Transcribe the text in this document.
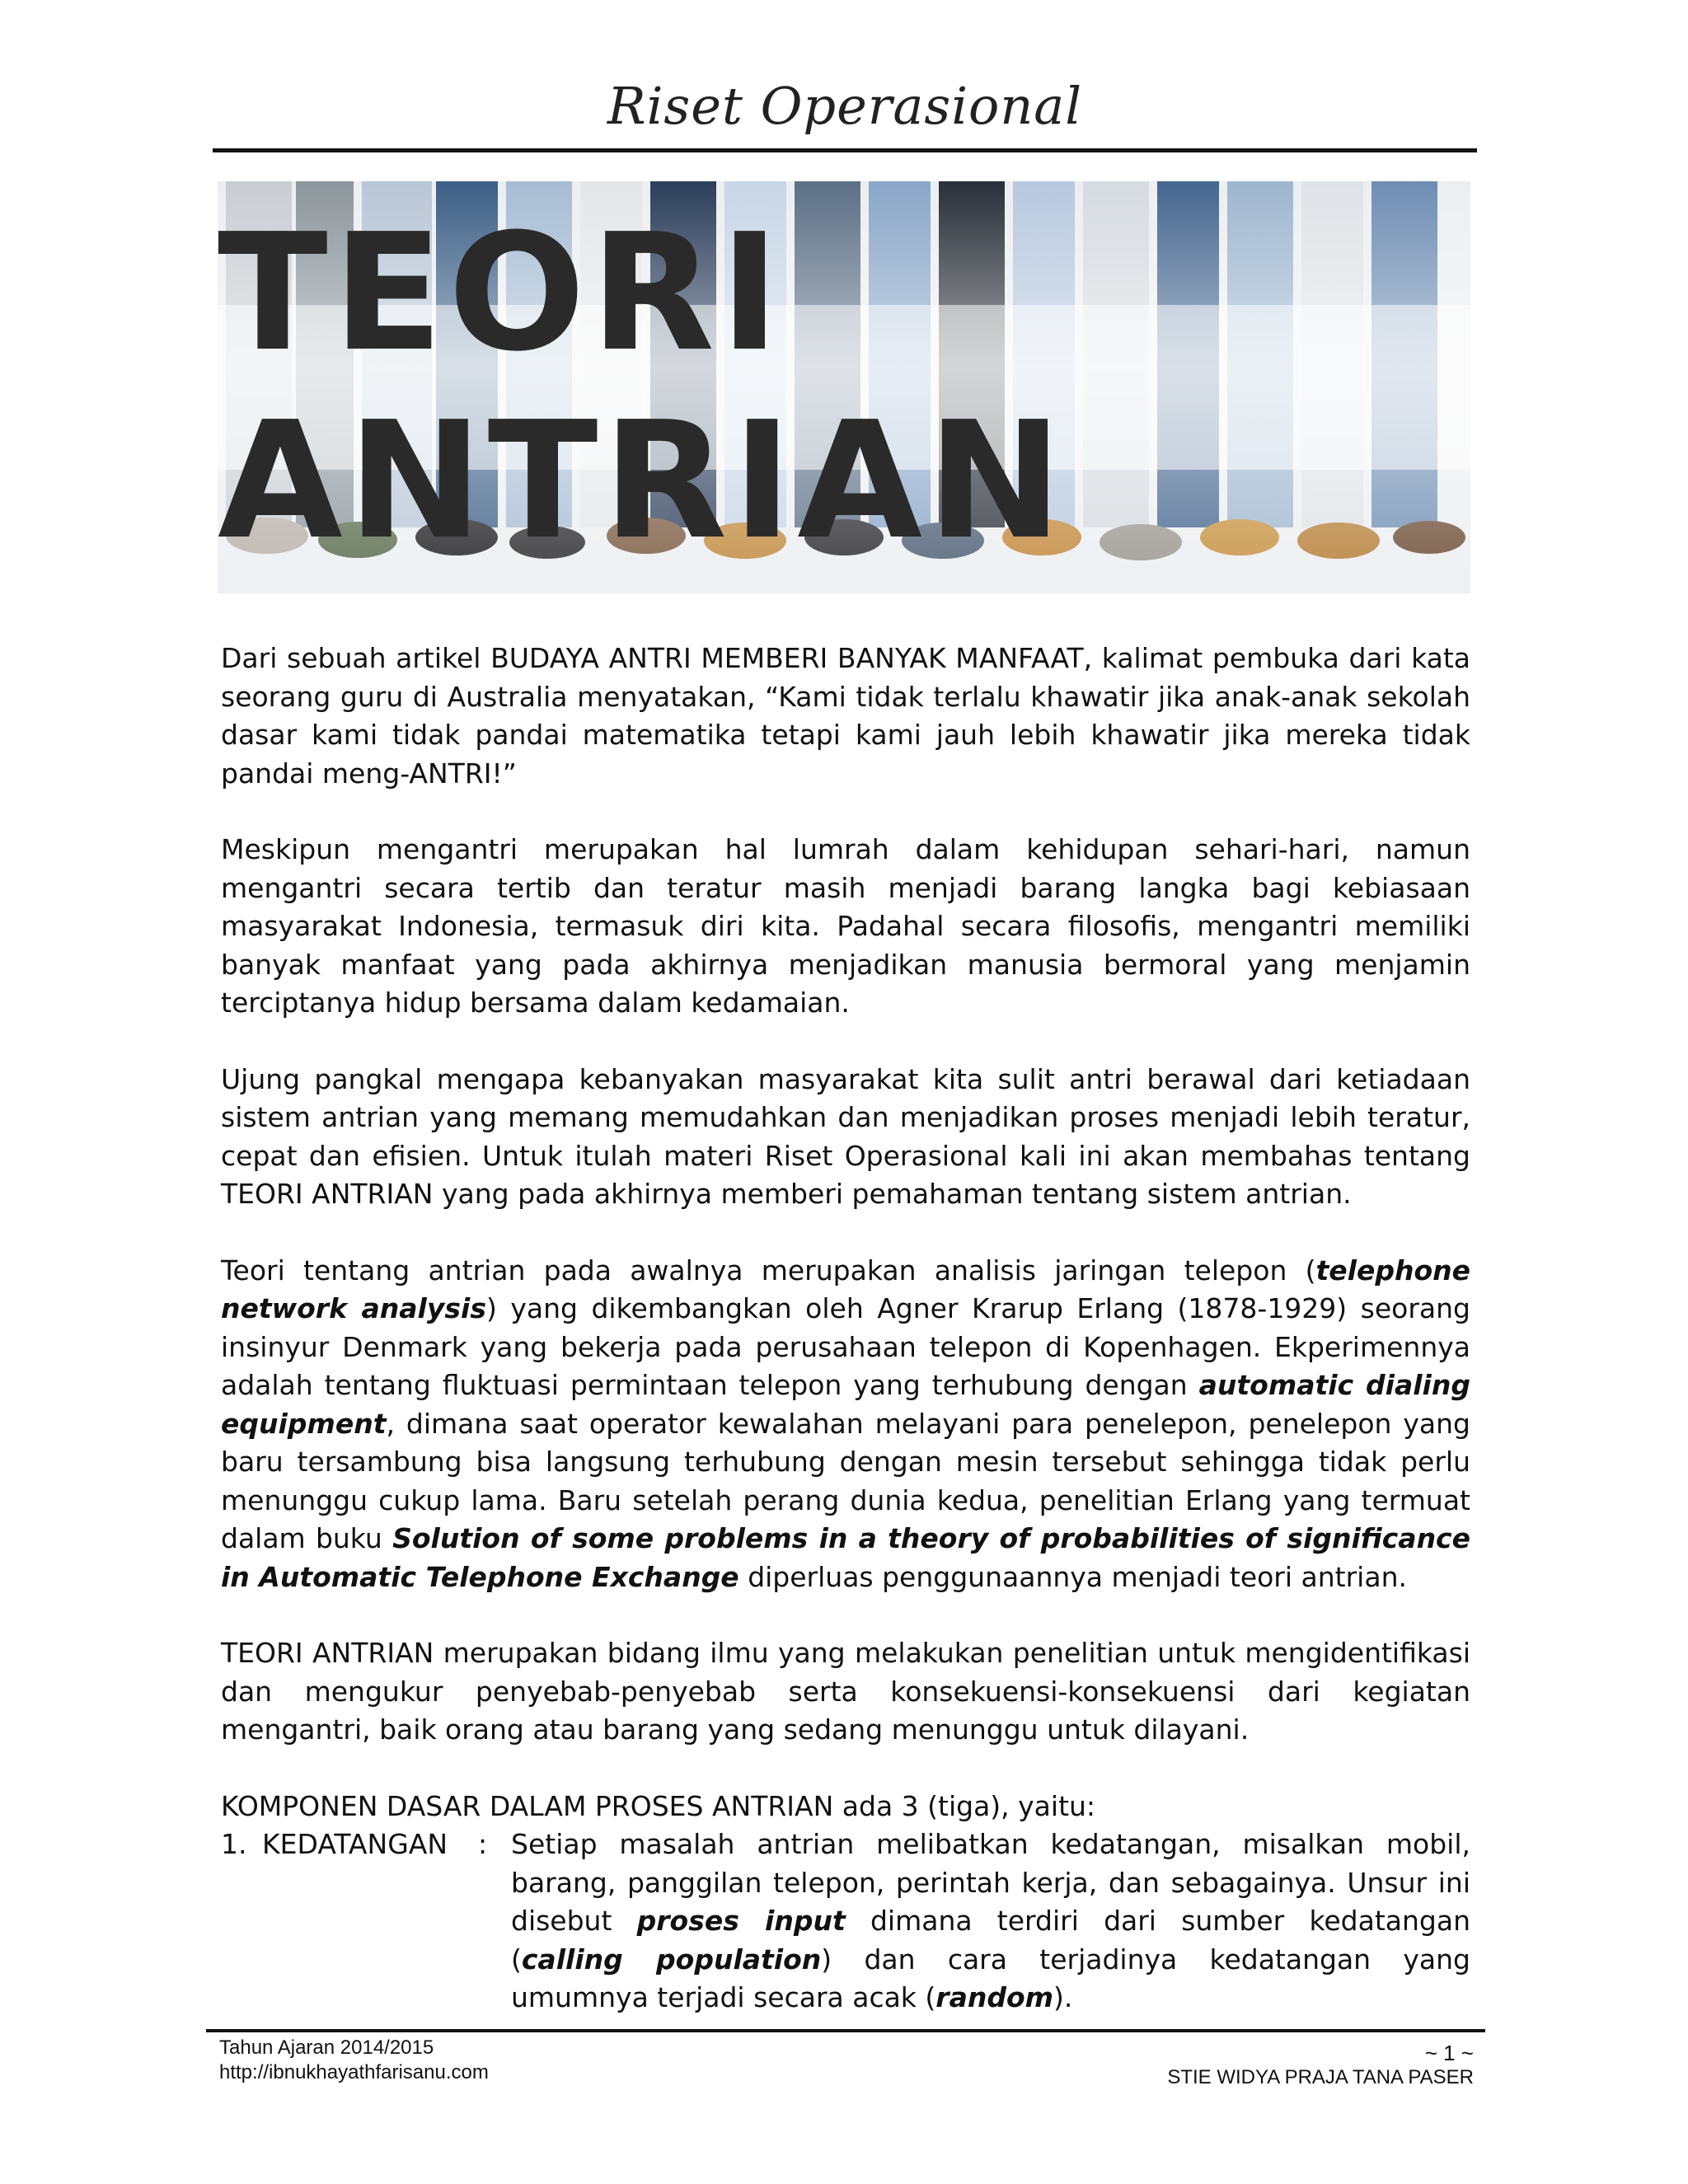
Riset Operasional

Dari sebuah artikel BUDAYA ANTRI MEMBERI BANYAK MANFAAT, kalimat pembuka dari kata seorang guru di Australia menyatakan, “Kami tidak terlalu khawatir jika anak-anak sekolah dasar kami tidak pandai matematika tetapi kami jauh lebih khawatir jika mereka tidak pandai meng-ANTRI!”

Meskipun mengantri merupakan hal lumrah dalam kehidupan sehari-hari, namun mengantri secara tertib dan teratur masih menjadi barang langka bagi kebiasaan masyarakat Indonesia, termasuk diri kita. Padahal secara filosofis, mengantri memiliki banyak manfaat yang pada akhirnya menjadikan manusia bermoral yang menjamin terciptanya hidup bersama dalam kedamaian.

Ujung pangkal mengapa kebanyakan masyarakat kita sulit antri berawal dari ketiadaan sistem antrian yang memang memudahkan dan menjadikan proses menjadi lebih teratur, cepat dan efisien. Untuk itulah materi Riset Operasional kali ini akan membahas tentang TEORI ANTRIAN yang pada akhirnya memberi pemahaman tentang sistem antrian.

Teori tentang antrian pada awalnya merupakan analisis jaringan telepon (telephone network analysis) yang dikembangkan oleh Agner Krarup Erlang (1878-1929) seorang insinyur Denmark yang bekerja pada perusahaan telepon di Kopenhagen. Ekperimennya adalah tentang fluktuasi permintaan telepon yang terhubung dengan automatic dialing equipment, dimana saat operator kewalahan melayani para penelepon, penelepon yang baru tersambung bisa langsung terhubung dengan mesin tersebut sehingga tidak perlu menunggu cukup lama. Baru setelah perang dunia kedua, penelitian Erlang yang termuat dalam buku Solution of some problems in a theory of probabilities of significance in Automatic Telephone Exchange diperluas penggunaannya menjadi teori antrian.

TEORI ANTRIAN merupakan bidang ilmu yang melakukan penelitian untuk mengidentifikasi dan mengukur penyebab-penyebab serta konsekuensi-konsekuensi dari kegiatan mengantri, baik orang atau barang yang sedang menunggu untuk dilayani.

KOMPONEN DASAR DALAM PROSES ANTRIAN ada 3 (tiga), yaitu:

1. KEDATANGAN	: Setiap masalah antrian melibatkan kedatangan, misalkan mobil, barang, panggilan telepon, perintah kerja, dan sebagainya. Unsur ini disebut proses input dimana terdiri dari sumber kedatangan (calling population) dan cara terjadinya kedatangan yang umumnya terjadi secara acak (random).
Tahun Ajaran 2014/2015
http://ibnukhayathfarisanu.com
~ 1 ~
STIE WIDYA PRAJA TANA PASER
